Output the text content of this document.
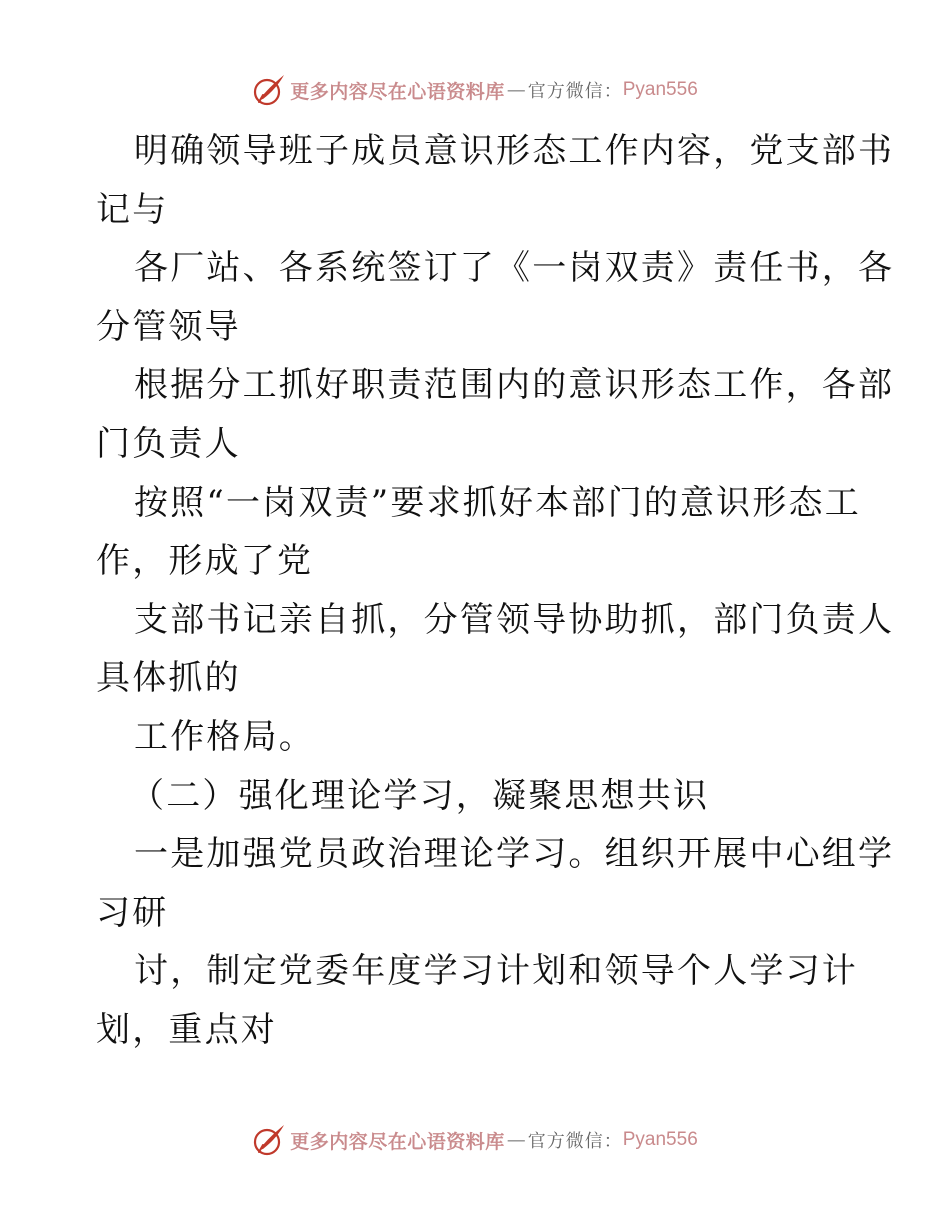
更多内容尽在心语资料库 — 官方微信： Pyan556
明确领导班子成员意识形态工作内容，党支部书
记与
各厂站、各系统签订了《一岗双责》责任书，各
分管领导
根据分工抓好职责范围内的意识形态工作，各部
门负责人
按照“一岗双责”要求抓好本部门的意识形态工
作，形成了党
支部书记亲自抓，分管领导协助抓，部门负责人
具体抓的
工作格局。
（二）强化理论学习，凝聚思想共识
一是加强党员政治理论学习。组织开展中心组学
习研
讨，制定党委年度学习计划和领导个人学习计
划，重点对
更多内容尽在心语资料库 — 官方微信： Pyan556
